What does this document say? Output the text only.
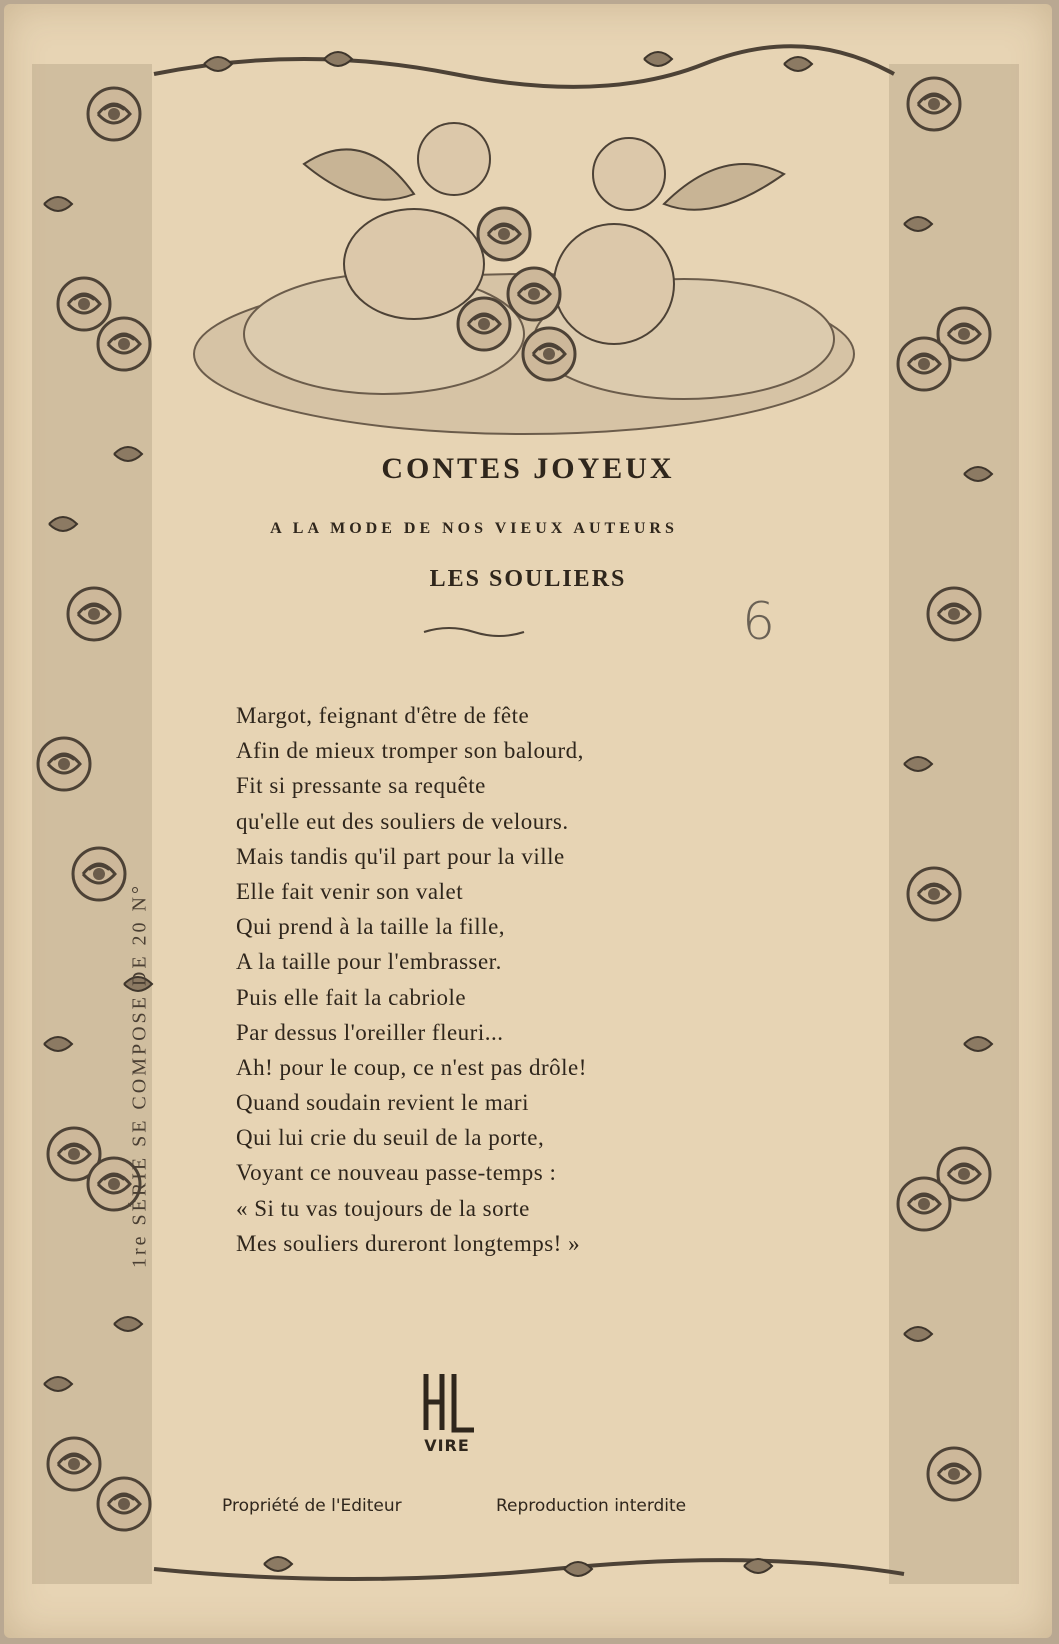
CONTES JOYEUX
A LA MODE DE NOS VIEUX AUTEURS
LES SOULIERS
6
Margot, feignant d'être de fête
Afin de mieux tromper son balourd,
Fit si pressante sa requête
qu'elle eut des souliers de velours.
Mais tandis qu'il part pour la ville
Elle fait venir son valet
Qui prend à la taille la fille,
A la taille pour l'embrasser.
Puis elle fait la cabriole
Par dessus l'oreiller fleuri...
Ah! pour le coup, ce n'est pas drôle!
Quand soudain revient le mari
Qui lui crie du seuil de la porte,
Voyant ce nouveau passe-temps :
« Si tu vas toujours de la sorte
Mes souliers dureront longtemps! »
1re SÉRIE SE COMPOSE DE 20 N°
VIRE
Propriété de l'Editeur	Reproduction interdite
